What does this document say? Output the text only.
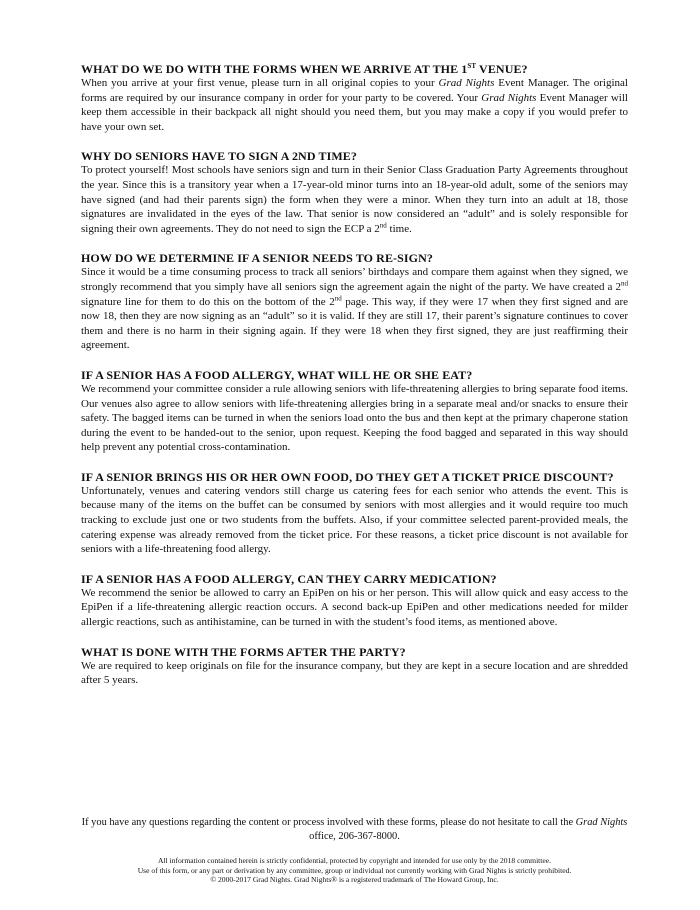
WHAT DO WE DO WITH THE FORMS WHEN WE ARRIVE AT THE 1ST VENUE?

When you arrive at your first venue, please turn in all original copies to your Grad Nights Event Manager. The original forms are required by our insurance company in order for your party to be covered. Your Grad Nights Event Manager will keep them accessible in their backpack all night should you need them, but you may make a copy if you would prefer to have your own set.

WHY DO SENIORS HAVE TO SIGN A 2ND TIME?

To protect yourself! Most schools have seniors sign and turn in their Senior Class Graduation Party Agreements throughout the year. Since this is a transitory year when a 17-year-old minor turns into an 18-year-old adult, some of the seniors may have signed (and had their parents sign) the form when they were a minor. When they turn into an adult at 18, those signatures are invalidated in the eyes of the law. That senior is now considered an “adult” and is solely responsible for signing their own agreements. They do not need to sign the ECP a 2nd time.

HOW DO WE DETERMINE IF A SENIOR NEEDS TO RE-SIGN?

Since it would be a time consuming process to track all seniors’ birthdays and compare them against when they signed, we strongly recommend that you simply have all seniors sign the agreement again the night of the party. We have created a 2nd signature line for them to do this on the bottom of the 2nd page. This way, if they were 17 when they first signed and are now 18, then they are now signing as an “adult” so it is valid. If they are still 17, their parent’s signature continues to cover them and there is no harm in their signing again. If they were 18 when they first signed, they are just reaffirming their agreement.

IF A SENIOR HAS A FOOD ALLERGY, WHAT WILL HE OR SHE EAT?

We recommend your committee consider a rule allowing seniors with life-threatening allergies to bring separate food items. Our venues also agree to allow seniors with life-threatening allergies bring in a separate meal and/or snacks to ensure their safety. The bagged items can be turned in when the seniors load onto the bus and then kept at the primary chaperone station during the event to be handed-out to the senior, upon request. Keeping the food bagged and separated in this way should help prevent any potential cross-contamination.

IF A SENIOR BRINGS HIS OR HER OWN FOOD, DO THEY GET A TICKET PRICE DISCOUNT?

Unfortunately, venues and catering vendors still charge us catering fees for each senior who attends the event. This is because many of the items on the buffet can be consumed by seniors with most allergies and it would require too much tracking to exclude just one or two students from the buffets. Also, if your committee selected parent-provided meals, the catering expense was already removed from the ticket price. For these reasons, a ticket price discount is not available for seniors with a life-threatening food allergy.

IF A SENIOR HAS A FOOD ALLERGY, CAN THEY CARRY MEDICATION?

We recommend the senior be allowed to carry an EpiPen on his or her person. This will allow quick and easy access to the EpiPen if a life-threatening allergic reaction occurs. A second back-up EpiPen and other medications needed for milder allergic reactions, such as antihistamine, can be turned in with the student’s food items, as mentioned above.

WHAT IS DONE WITH THE FORMS AFTER THE PARTY?

We are required to keep originals on file for the insurance company, but they are kept in a secure location and are shredded after 5 years.

If you have any questions regarding the content or process involved with these forms, please do not hesitate to call the Grad Nights office, 206-367-8000.
All information contained herein is strictly confidential, protected by copyright and intended for use only by the 2018 committee.
Use of this form, or any part or derivation by any committee, group or individual not currently working with Grad Nights is strictly prohibited.
© 2000-2017 Grad Nights. Grad Nights® is a registered trademark of The Howard Group, Inc.
